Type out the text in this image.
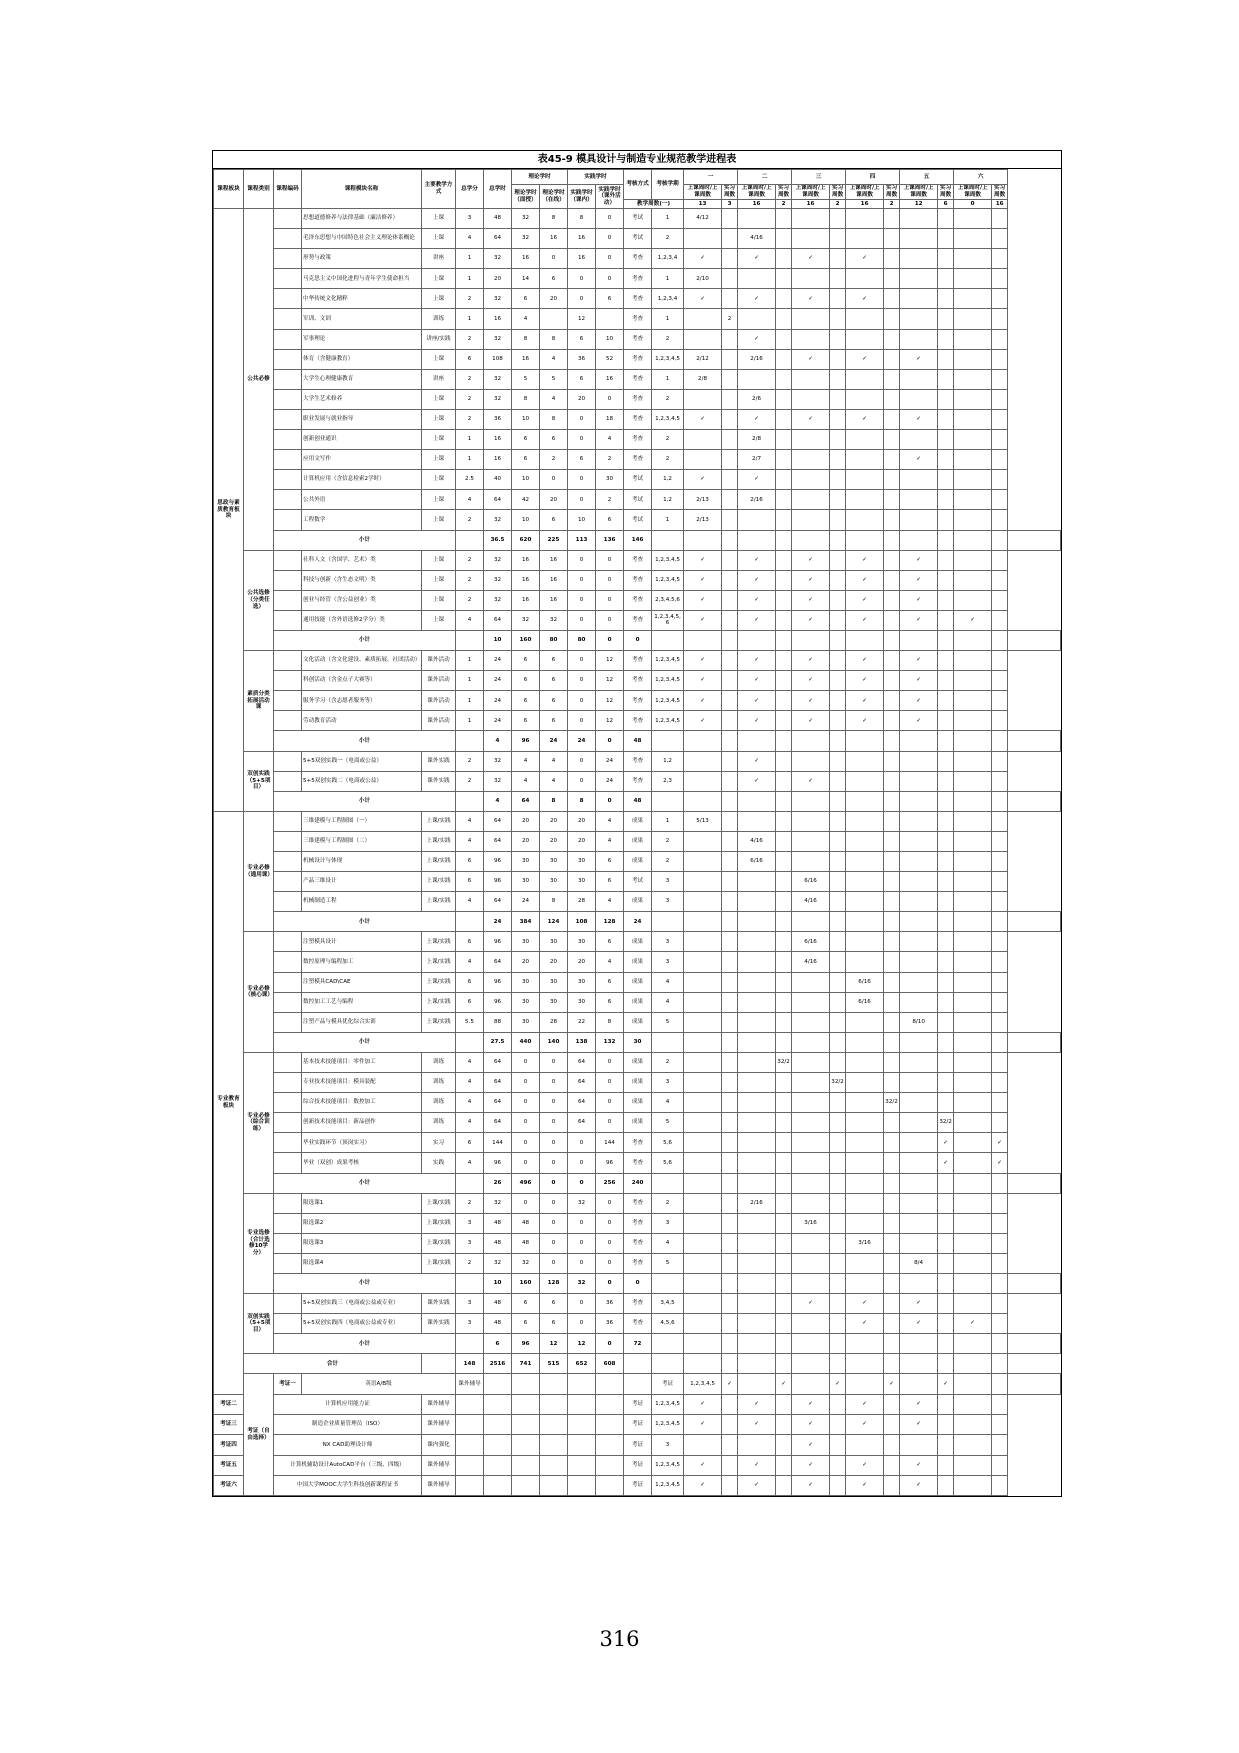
表45-9 模具设计与制造专业规范教学进程表
课程板块	课程类别	课程编码	课程模块名称	主要教学方式	总学分	总学时	理论学时		实践学时		考核方式	考核学期	一		二		三		四		五		六		
							理论学时（面授）	理论学时（在线）	实践学时（课内）	实践学时（课外活动）			上课周时/上课周数	实习周数	上课周时/上课周数	实习周数	上课周时/上课周数	实习周数	上课周时/上课周数	实习周数	上课周时/上课周数	实习周数	上课周时/上课周数	实习周数	
											教学周数(一)		13	3	16	2	16	2	16	2	12	6	0	16	
思政与素质教育板块	公共必修		思想道德修养与法律基础（廉洁修养）	上课	3	48	32	8	8	0	考试	1	4/12												
			毛泽东思想与中国特色社会主义理论体系概论	上课	4	64	32	16	16	0	考试	2			4/16										
			形势与政策	讲座	1	32	16	0	16	0	考查	1,2,3,4	✓		✓		✓		✓						
			马克思主义中国化进程与青年学生使命担当	上课	1	20	14	6	0	0	考查	1	2/10												
			中华传统文化精粹	上课	2	32	6	20	0	6	考查	1,2,3,4	✓		✓		✓		✓						
			军训、文训	训练	1	16	4		12		考查	1		2											
			军事理论	讲座/实践	2	32	8	8	6	10	考查	2			✓										
			体育（含健康教育）	上课	6	108	16	4	36	52	考查	1,2,3,4,5	2/12		2/16		✓		✓		✓				
			大学生心理健康教育	讲座	2	32	5	5	6	16	考查	1	2/8												
			大学生艺术修养	上课	2	32	8	4	20	0	考查	2			2/6										
			职业发展与就业指导	上课	2	36	10	8	0	18	考查	1,2,3,4,5	✓		✓		✓		✓		✓				
			创新创业通识	上课	1	16	6	6	0	4	考查	2			2/8										
			应用文写作	上课	1	16	6	2	6	2	考查	2			2/7						✓				
			计算机应用（含信息检索2学时）	上课	2.5	40	10	0	0	30	考试	1,2	✓		✓										
			公共外语	上课	4	64	42	20	0	2	考试	1,2	2/13		2/16										
			工程数学	上课	2	32	10	6	10	6	考试	1	2/13												
		小计				36.5	620	225	113	136	146														
	公共选修（分类任选）		社科人文（含国学、艺术）类	上课	2	32	16	16	0	0	考查	1,2,3,4,5	✓		✓		✓		✓		✓				
			科技与创新（含生态文明）类	上课	2	32	16	16	0	0	考查	1,2,3,4,5	✓		✓		✓		✓		✓				
			创业与经管（含公益创业）类	上课	2	32	16	16	0	0	考查	2,3,4,5,6	✓		✓		✓		✓		✓				
			通用技能（含外语选修2学分）类	上课	4	64	32	32	0	0	考查	1,2,3,4,5,6	✓		✓		✓		✓		✓		✓		
		小计				10	160	80	80	0	0														
	素质分类拓展活动课		文化活动（含文化建设、素质拓展、社团活动）	课外活动	1	24	6	6	0	12	考查	1,2,3,4,5	✓		✓		✓		✓		✓				
			科创活动（含金点子大赛等）	课外活动	1	24	6	6	0	12	考查	1,2,3,4,5	✓		✓		✓		✓		✓				
			服务学习（含志愿者服务等）	课外活动	1	24	6	6	0	12	考查	1,2,3,4,5	✓		✓		✓		✓		✓				
			劳动教育活动	课外活动	1	24	6	6	0	12	考查	1,2,3,4,5	✓		✓		✓		✓		✓				
		小计				4	96	24	24	0	48														
	双创实践（5+5项目）		5+5双创实践一（电商或公益）	课外实践	2	32	4	4	0	24	考查	1,2			✓										
			5+5双创实践二（电商或公益）	课外实践	2	32	4	4	0	24	考查	2,3			✓		✓								
		小计				4	64	8	8	0	48														
专业教育板块	专业必修（通用课）		三维建模与工程制图（一）	上课/实践	4	64	20	20	20	4	成果	1	5/13												
			三维建模与工程制图（二）	上课/实践	4	64	20	20	20	4	成果	2			4/16										
			机械设计与体现	上课/实践	6	96	30	30	30	6	成果	2			6/16										
			产品三维设计	上课/实践	6	96	30	30	30	6	考试	3					6/16								
			机械制造工程	上课/实践	4	64	24	8	28	4	成果	3					4/16								
		小计				24	384	124	108	128	24														
	专业必修（核心课）		注塑模具设计	上课/实践	6	96	30	30	30	6	成果	3					6/16								
			数控原理与编程加工	上课/实践	4	64	20	20	20	4	成果	3					4/16								
			注塑模具CAD\CAE	上课/实践	6	96	30	30	30	6	成果	4							6/16						
			数控加工工艺与编程	上课/实践	6	96	30	30	30	6	成果	4							6/16						
			注塑产品与模具优化综合实训	上课/实践	5.5	88	30	28	22	8	成果	5									8/10				
		小计				27.5	440	140	138	132	30														
	专业必修（综合训练）		基本技术技能项目：零件加工	训练	4	64	0	0	64	0	成果	2				32/2									
			专业技术技能项目：模具装配	训练	4	64	0	0	64	0	成果	3						32/2							
			综合技术技能项目：数控加工	训练	4	64	0	0	64	0	成果	4								32/2					
			创新技术技能项目：新品创作	训练	4	64	0	0	64	0	成果	5										32/2			
			毕业实践环节（顶岗实习）	实习	6	144	0	0	0	144	考查	5,6										✓		✓	
			毕业（双创）成果考核	实践	4	96	0	0	0	96	考查	5,6										✓		✓	
		小计				26	496	0	0	256	240														
	专业选修（合计选修10学分）		限选课1	上课/实践	2	32	0	0	32	0	考查	2			2/16										
			限选课2	上课/实践	3	48	48	0	0	0	考查	3					3/16								
			限选课3	上课/实践	3	48	48	0	0	0	考查	4							3/16						
			限选课4	上课/实践	2	32	32	0	0	0	考查	5									8/4				
		小计				10	160	128	32	0	0														
	双创实践（5+5项目）		5+5双创实践三（电商或公益或专业）	课外实践	3	48	6	6	0	36	考查	3,4,5					✓		✓		✓				
			5+5双创实践四（电商或公益或专业）	课外实践	3	48	6	6	0	36	考查	4,5,6							✓		✓		✓		
		小计				6	96	12	12	0	72														
	合计				148	2516	741	515	652	608															
	考证（自由选择）	考证一	英语A/B级		课外辅导							考证	1,2,3,4,5	✓		✓		✓		✓		✓			
考证二		计算机应用能力证		课外辅导							考证	1,2,3,4,5	✓		✓		✓		✓		✓				
考证三		制造企业质量管理员（ISO）		课外辅导							考证	1,2,3,4,5	✓		✓		✓		✓		✓				
考证四		NX CAD助理设计师		课内强化							考证	3					✓								
考证五		计算机辅助设计AutoCAD平台（三级、四级）		课外辅导							考证	1,2,3,4,5	✓		✓		✓		✓		✓				
考证六		中国大学MOOC大学生科技创新课程证书		课外辅导							考证	1,2,3,4,5	✓		✓		✓		✓		✓				
316
